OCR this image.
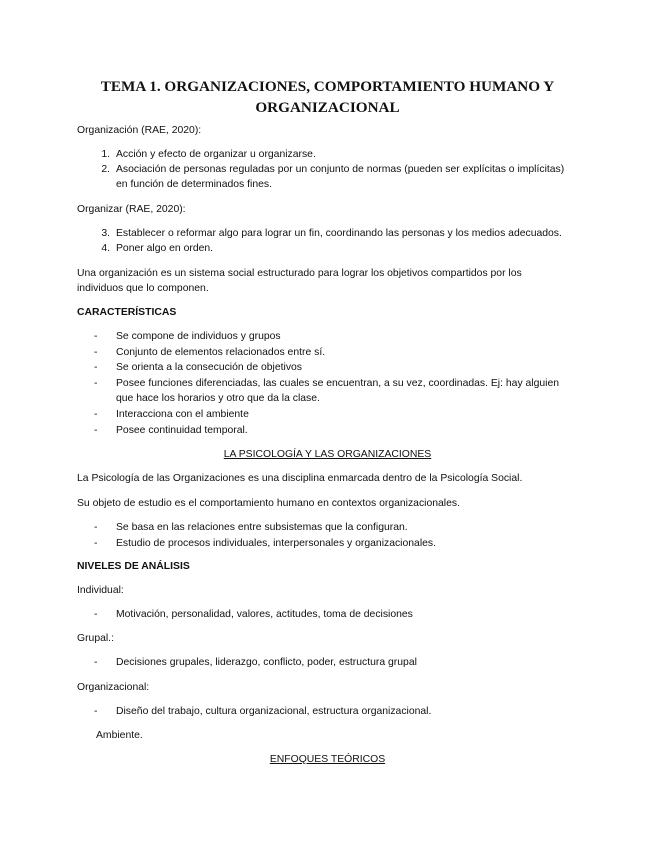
TEMA 1. ORGANIZACIONES, COMPORTAMIENTO HUMANO Y
ORGANIZACIONAL
Organización (RAE, 2020):
1. Acción y efecto de organizar u organizarse.
2. Asociación de personas reguladas por un conjunto de normas (pueden ser explícitas o implícitas)
en función de determinados fines.
Organizar (RAE, 2020):
3. Establecer o reformar algo para lograr un fin, coordinando las personas y los medios adecuados.
4. Poner algo en orden.
Una organización es un sistema social estructurado para lograr los objetivos compartidos por los
individuos que lo componen.
CARACTERÍSTICAS
- Se compone de individuos y grupos
- Conjunto de elementos relacionados entre sí.
- Se orienta a la consecución de objetivos
- Posee funciones diferenciadas, las cuales se encuentran, a su vez, coordinadas. Ej: hay alguien
que hace los horarios y otro que da la clase.
- Interacciona con el ambiente
- Posee continuidad temporal.
LA PSICOLOGÍA Y LAS ORGANIZACIONES
La Psicología de las Organizaciones es una disciplina enmarcada dentro de la Psicología Social.
Su objeto de estudio es el comportamiento humano en contextos organizacionales.
- Se basa en las relaciones entre subsistemas que la configuran.
- Estudio de procesos individuales, interpersonales y organizacionales.
NIVELES DE ANÁLISIS
Individual:
- Motivación, personalidad, valores, actitudes, toma de decisiones
Grupal.:
- Decisiones grupales, liderazgo, conflicto, poder, estructura grupal
Organizacional:
- Diseño del trabajo, cultura organizacional, estructura organizacional.
Ambiente.
ENFOQUES TEÓRICOS
